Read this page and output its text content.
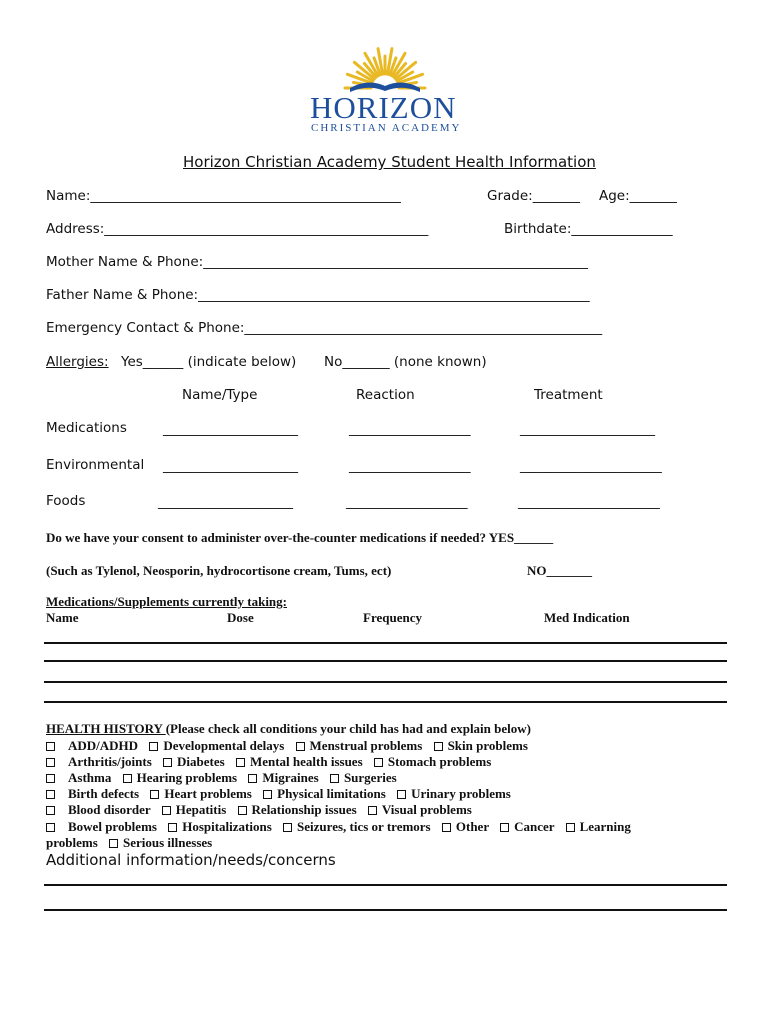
HORIZON
CHRISTIAN ACADEMY
Horizon Christian Academy Student Health Information
Name:______________________________________________	Grade:_______ Age:_______
Address:________________________________________________	Birthdate:_______________
Mother Name & Phone:_________________________________________________________
Father Name & Phone:__________________________________________________________
Emergency Contact & Phone:_____________________________________________________
Allergies: Yes______ (indicate below) No_______ (none known)
Name/Type	Reaction	Treatment
Medications	____________________	__________________	____________________
Environmental ____________________	__________________	_____________________
Foods	____________________	__________________	_____________________
Do we have your consent to administer over-the-counter medications if needed? YES______
(Such as Tylenol, Neosporin, hydrocortisone cream, Tums, ect)	NO_______
Medications/Supplements currently taking:
Name	Dose	Frequency	Med Indication
HEALTH HISTORY (Please check all conditions your child has had and explain below)
ADD/ADHD Developmental delays Menstrual problems Skin problems
Arthritis/joints Diabetes Mental health issues Stomach problems
Asthma Hearing problems Migraines Surgeries
Birth defects Heart problems Physical limitations Urinary problems
Blood disorder Hepatitis Relationship issues Visual problems
Bowel problems Hospitalizations Seizures, tics or tremors Other Cancer Learning
problems Serious illnesses
Additional information/needs/concerns
